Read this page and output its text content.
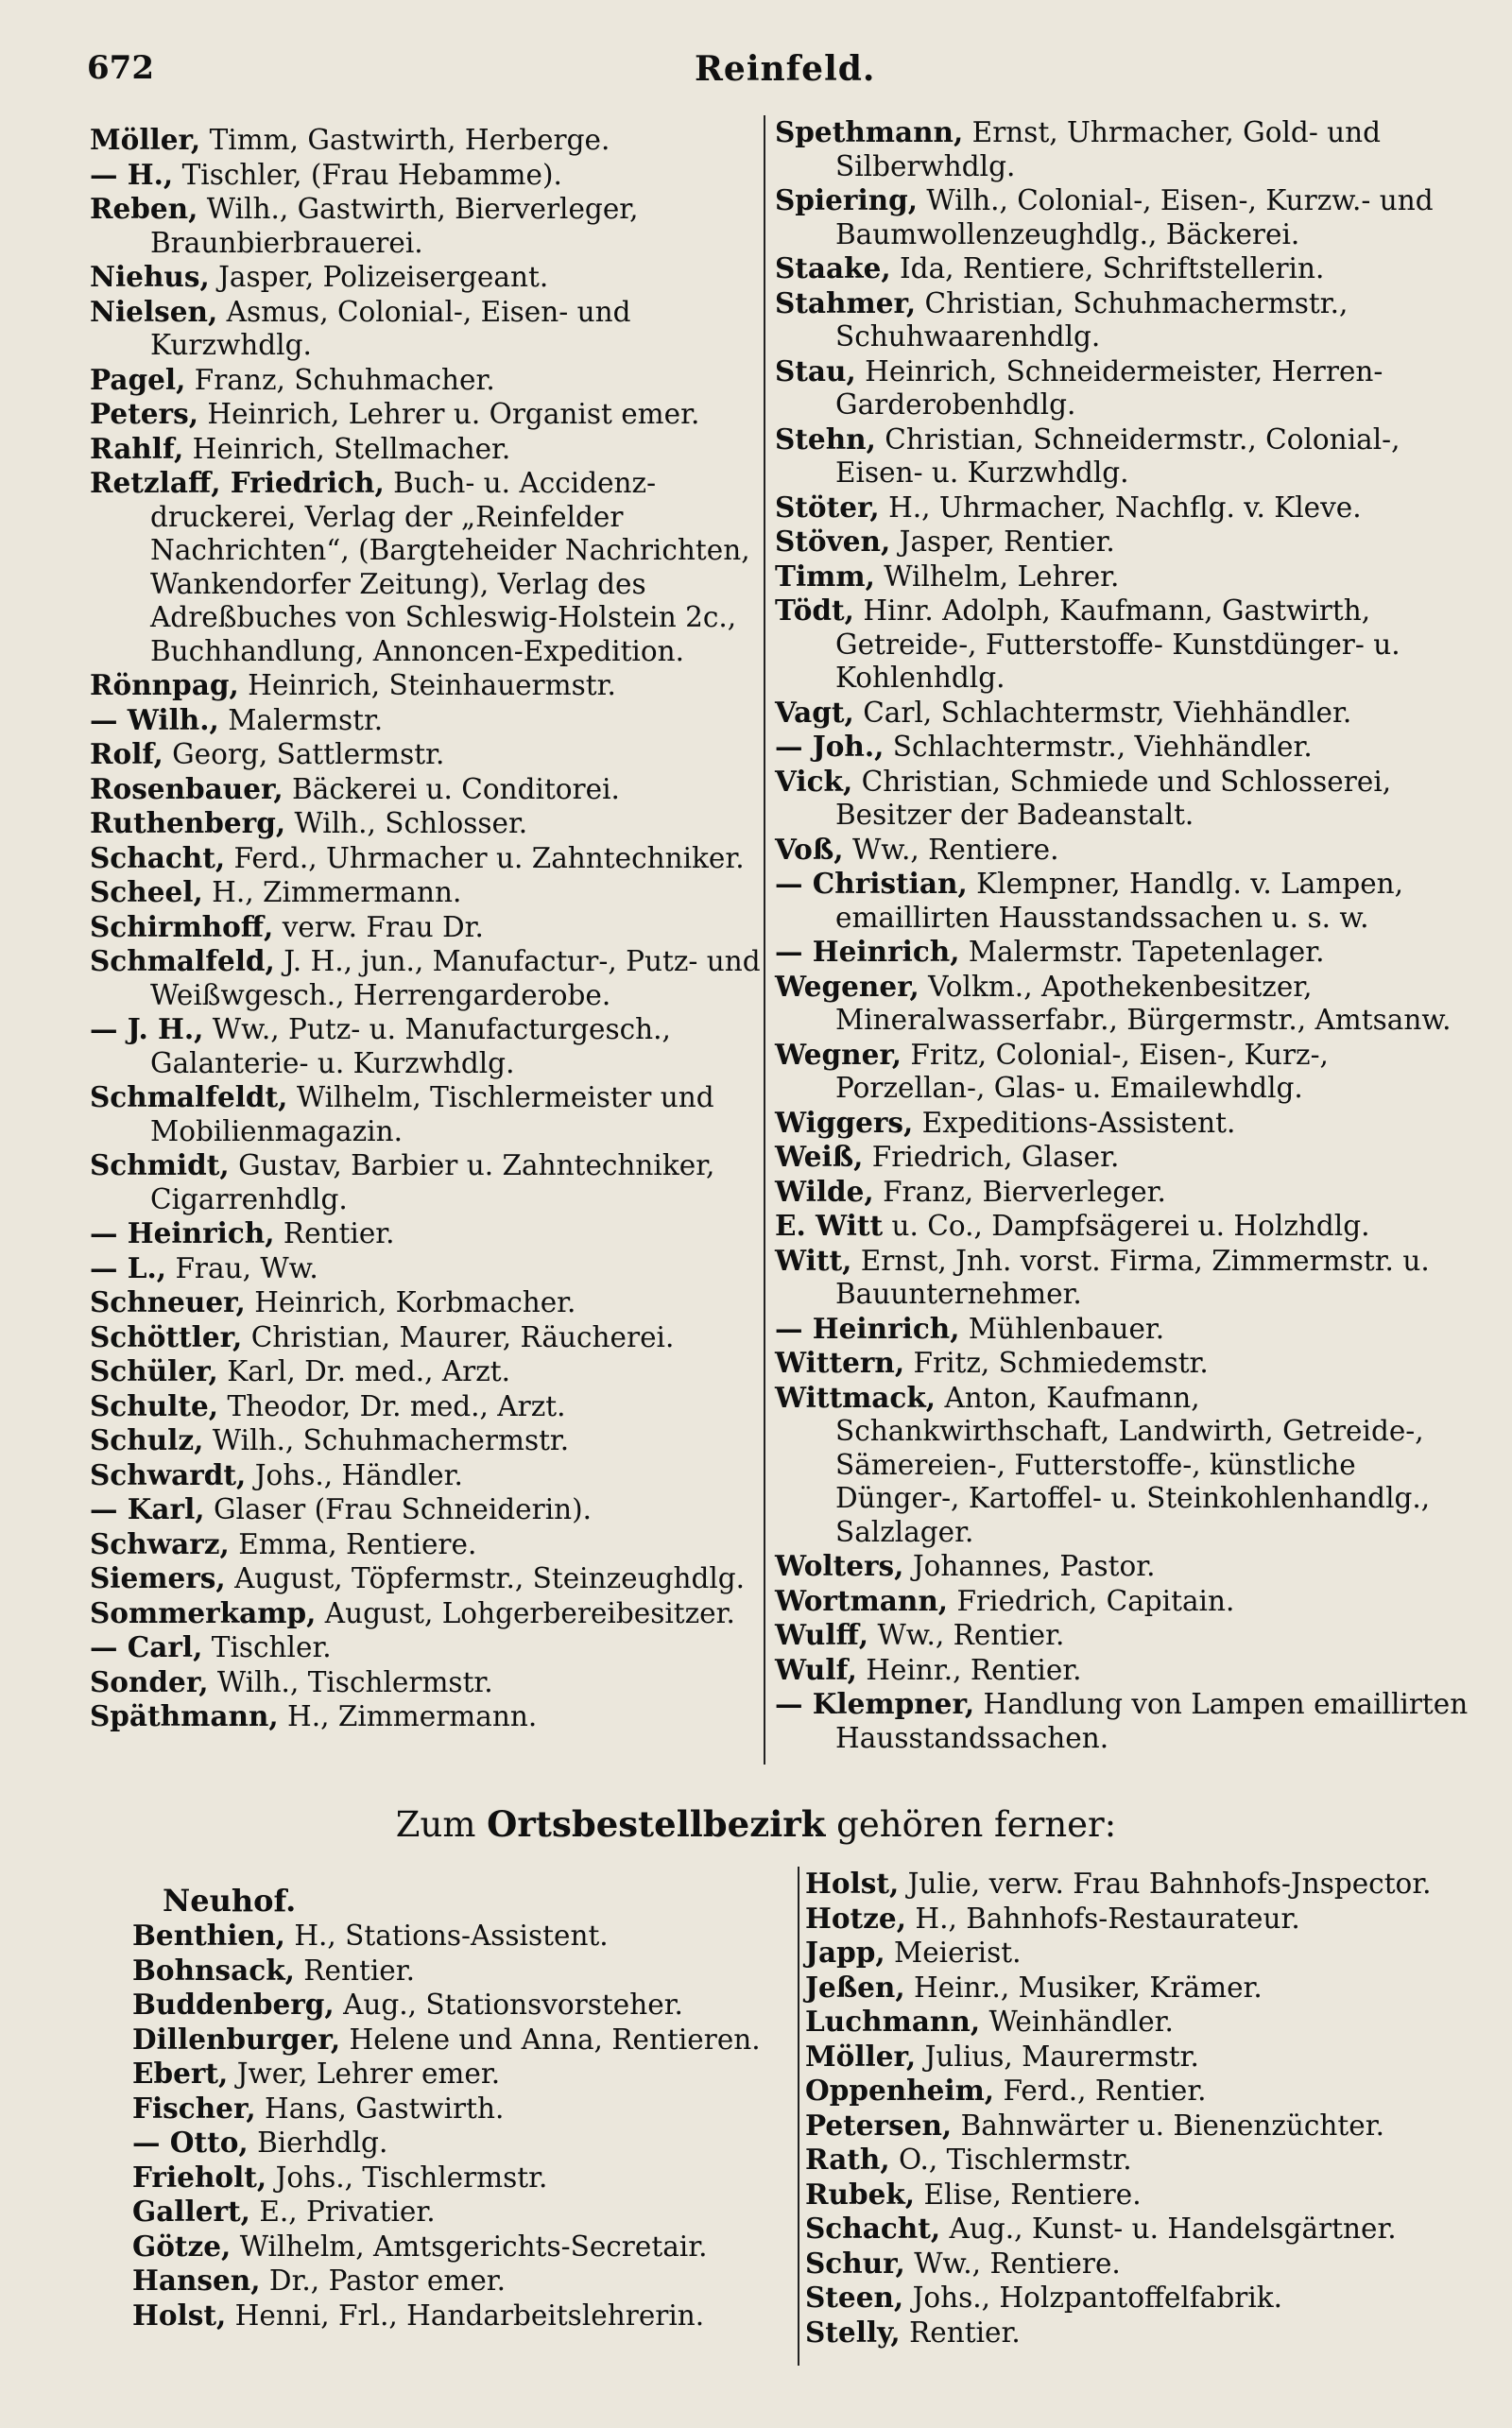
672	Reinfeld.

Möller, Timm, Gastwirth, Herberge.

— H., Tischler, (Frau Hebamme).

Reben, Wilh., Gastwirth, Bierverleger, Braunbierbrauerei.

Niehus, Jasper, Polizeisergeant.

Nielsen, Asmus, Colonial-, Eisen- und Kurzwhdlg.

Pagel, Franz, Schuhmacher.

Peters, Heinrich, Lehrer u. Organist emer.

Rahlf, Heinrich, Stellmacher.

Retzlaff, Friedrich, Buch- u. Accidenz-druckerei, Verlag der „Reinfelder Nachrichten“, (Bargteheider Nachrichten, Wankendorfer Zeitung), Verlag des Adreßbuches von Schleswig-Holstein 2c., Buchhandlung, Annoncen-Expedition.

Rönnpag, Heinrich, Steinhauermstr.

— Wilh., Malermstr.

Rolf, Georg, Sattlermstr.

Rosenbauer, Bäckerei u. Conditorei.

Ruthenberg, Wilh., Schlosser.

Schacht, Ferd., Uhrmacher u. Zahntechniker.

Scheel, H., Zimmermann.

Schirmhoff, verw. Frau Dr.

Schmalfeld, J. H., jun., Manufactur-, Putz- und Weißwgesch., Herrengarderobe.

— J. H., Ww., Putz- u. Manufacturgesch., Galanterie- u. Kurzwhdlg.

Schmalfeldt, Wilhelm, Tischlermeister und Mobilienmagazin.

Schmidt, Gustav, Barbier u. Zahntechniker, Cigarrenhdlg.

— Heinrich, Rentier.

— L., Frau, Ww.

Schneuer, Heinrich, Korbmacher.

Schöttler, Christian, Maurer, Räucherei.

Schüler, Karl, Dr. med., Arzt.

Schulte, Theodor, Dr. med., Arzt.

Schulz, Wilh., Schuhmachermstr.

Schwardt, Johs., Händler.

— Karl, Glaser (Frau Schneiderin).

Schwarz, Emma, Rentiere.

Siemers, August, Töpfermstr., Steinzeughdlg.

Sommerkamp, August, Lohgerbereibesitzer.

— Carl, Tischler.

Sonder, Wilh., Tischlermstr.

Späthmann, H., Zimmermann.

Spethmann, Ernst, Uhrmacher, Gold- und Silberwhdlg.

Spiering, Wilh., Colonial-, Eisen-, Kurzw.- und Baumwollenzeughdlg., Bäckerei.

Staake, Ida, Rentiere, Schriftstellerin.

Stahmer, Christian, Schuhmachermstr., Schuhwaarenhdlg.

Stau, Heinrich, Schneidermeister, Herren-Garderobenhdlg.

Stehn, Christian, Schneidermstr., Colonial-, Eisen- u. Kurzwhdlg.

Stöter, H., Uhrmacher, Nachflg. v. Kleve.

Stöven, Jasper, Rentier.

Timm, Wilhelm, Lehrer.

Tödt, Hinr. Adolph, Kaufmann, Gastwirth, Getreide-, Futterstoffe- Kunstdünger- u. Kohlenhdlg.

Vagt, Carl, Schlachtermstr, Viehhändler.

— Joh., Schlachtermstr., Viehhändler.

Vick, Christian, Schmiede und Schlosserei, Besitzer der Badeanstalt.

Voß, Ww., Rentiere.

— Christian, Klempner, Handlg. v. Lampen, emaillirten Hausstandssachen u. s. w.

— Heinrich, Malermstr. Tapetenlager.

Wegener, Volkm., Apothekenbesitzer, Mineralwasserfabr., Bürgermstr., Amtsanw.

Wegner, Fritz, Colonial-, Eisen-, Kurz-, Porzellan-, Glas- u. Emailewhdlg.

Wiggers, Expeditions-Assistent.

Weiß, Friedrich, Glaser.

Wilde, Franz, Bierverleger.

E. Witt u. Co., Dampfsägerei u. Holzhdlg.

Witt, Ernst, Jnh. vorst. Firma, Zimmermstr. u. Bauunternehmer.

— Heinrich, Mühlenbauer.

Wittern, Fritz, Schmiedemstr.

Wittmack, Anton, Kaufmann, Schankwirthschaft, Landwirth, Getreide-, Sämereien-, Futterstoffe-, künstliche Dünger-, Kartoffel- u. Steinkohlenhandlg., Salzlager.

Wolters, Johannes, Pastor.

Wortmann, Friedrich, Capitain.

Wulff, Ww., Rentier.

Wulf, Heinr., Rentier.

— Klempner, Handlung von Lampen emaillirten Hausstandssachen.

Zum Ortsbestellbezirk gehören ferner:
Neuhof.

Benthien, H., Stations-Assistent.

Bohnsack, Rentier.

Buddenberg, Aug., Stationsvorsteher.

Dillenburger, Helene und Anna, Rentieren.

Ebert, Jwer, Lehrer emer.

Fischer, Hans, Gastwirth.

— Otto, Bierhdlg.

Frieholt, Johs., Tischlermstr.

Gallert, E., Privatier.

Götze, Wilhelm, Amtsgerichts-Secretair.

Hansen, Dr., Pastor emer.

Holst, Henni, Frl., Handarbeitslehrerin.

Holst, Julie, verw. Frau Bahnhofs-Jnspector.

Hotze, H., Bahnhofs-Restaurateur.

Japp, Meierist.

Jeßen, Heinr., Musiker, Krämer.

Luchmann, Weinhändler.

Möller, Julius, Maurermstr.

Oppenheim, Ferd., Rentier.

Petersen, Bahnwärter u. Bienenzüchter.

Rath, O., Tischlermstr.

Rubek, Elise, Rentiere.

Schacht, Aug., Kunst- u. Handelsgärtner.

Schur, Ww., Rentiere.

Steen, Johs., Holzpantoffelfabrik.

Stelly, Rentier.
